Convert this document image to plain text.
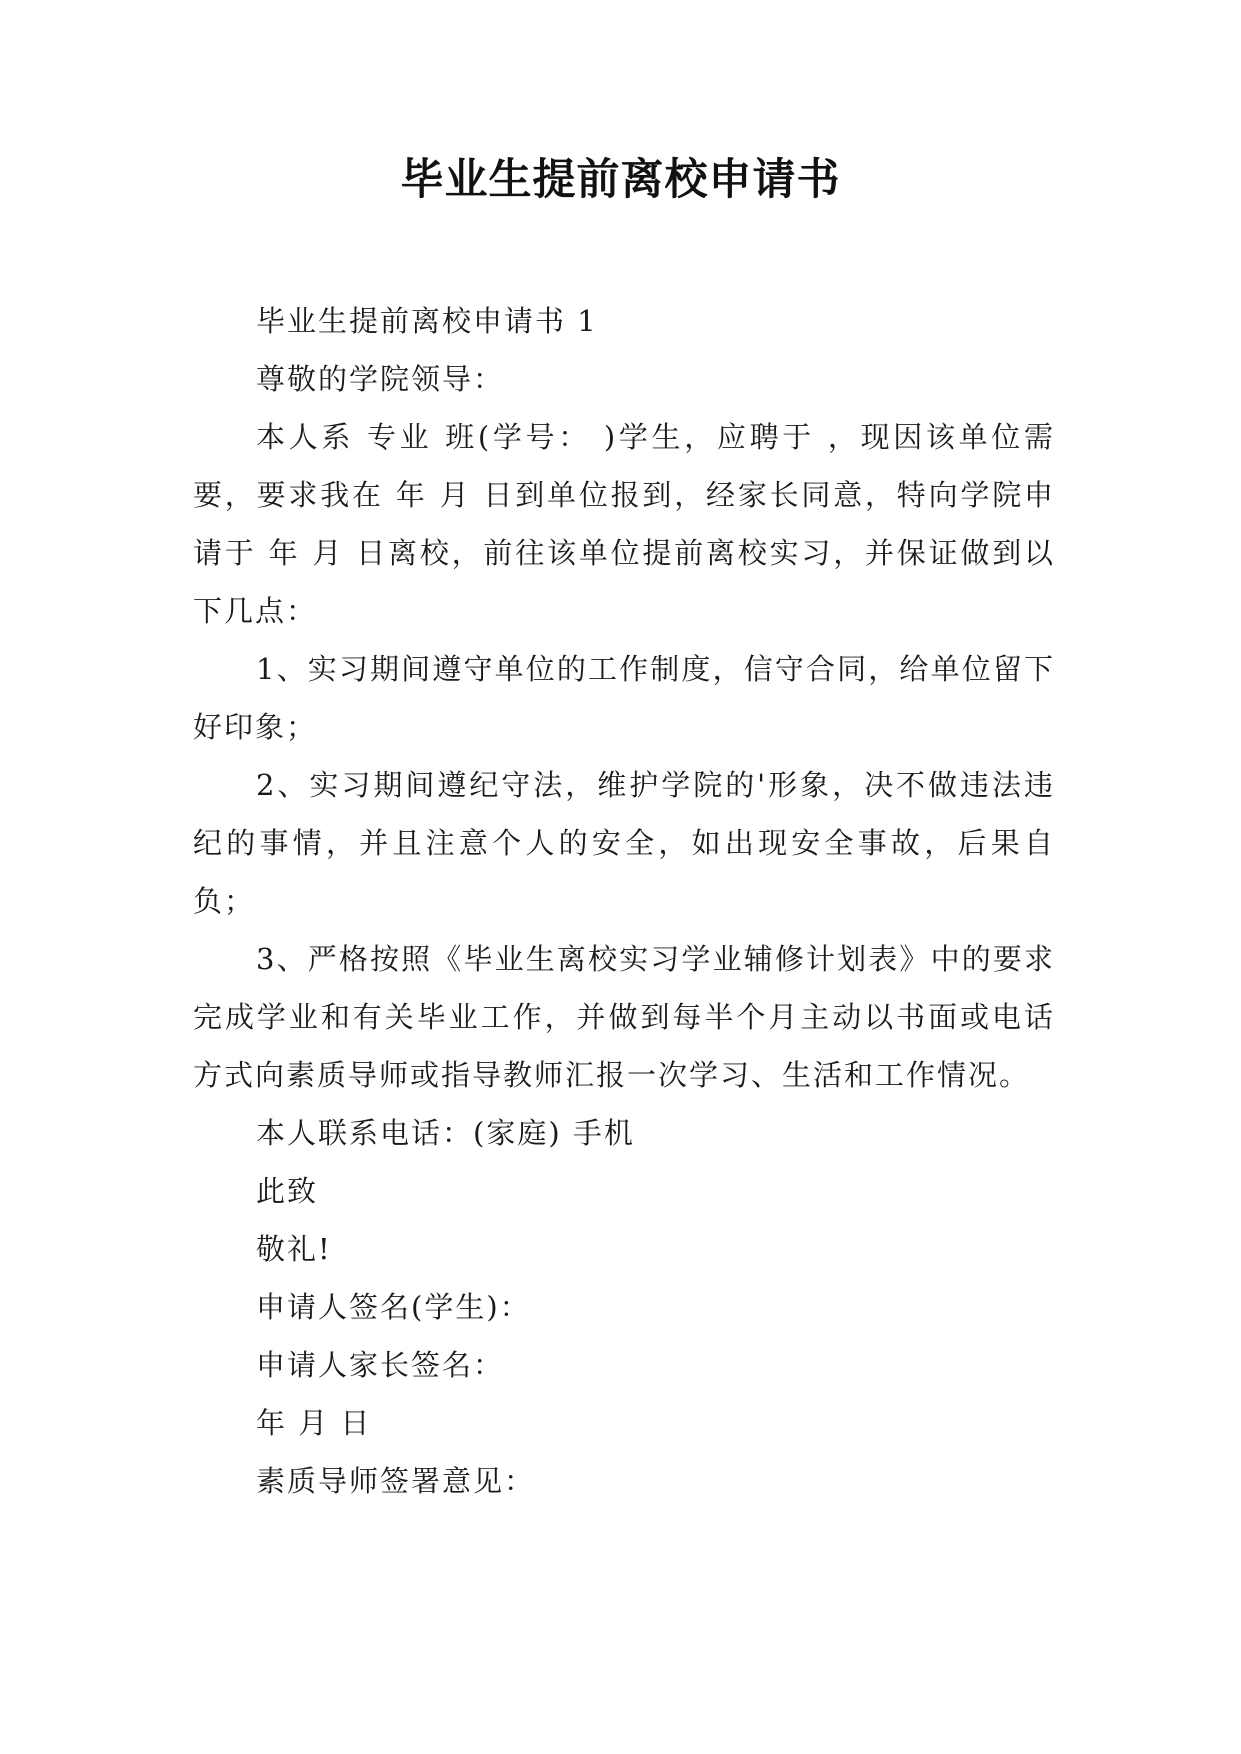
毕业生提前离校申请书

毕业生提前离校申请书 1

尊敬的学院领导：

本人系 专业 班(学号： )学生，应聘于 ，现因该单位需要，要求我在 年 月 日到单位报到，经家长同意，特向学院申请于 年 月 日离校，前往该单位提前离校实习，并保证做到以下几点：

1、实习期间遵守单位的工作制度，信守合同，给单位留下好印象；

2、实习期间遵纪守法，维护学院的'形象，决不做违法违纪的事情，并且注意个人的安全，如出现安全事故，后果自负；

3、严格按照《毕业生离校实习学业辅修计划表》中的要求完成学业和有关毕业工作，并做到每半个月主动以书面或电话方式向素质导师或指导教师汇报一次学习、生活和工作情况。

本人联系电话：(家庭) 手机

此致

敬礼!

申请人签名(学生)：

申请人家长签名：

年 月 日

素质导师签署意见：
